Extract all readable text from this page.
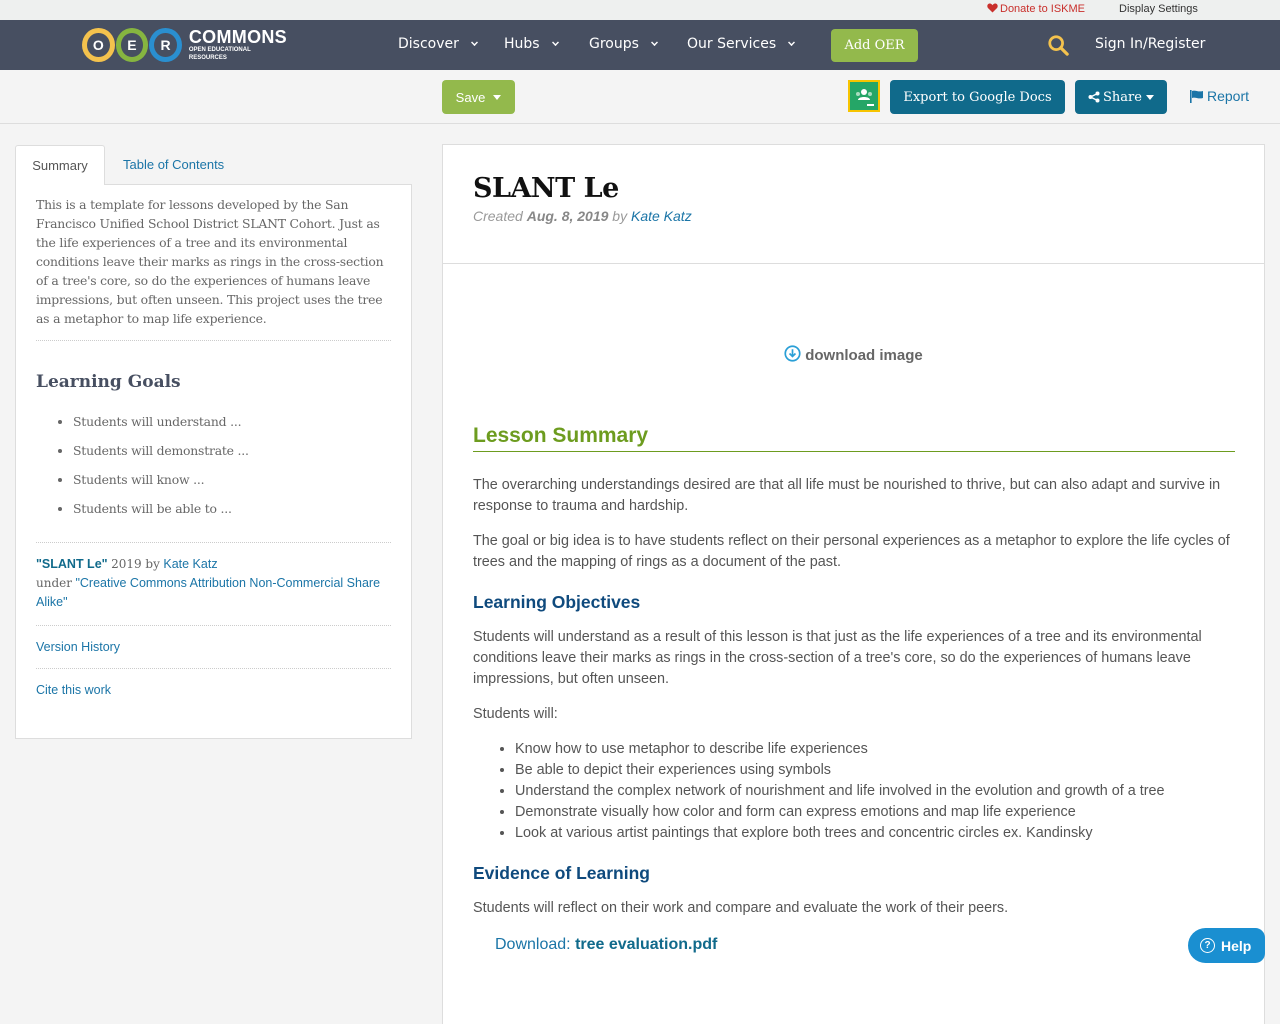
Donate to ISKME	Display Settings
O	E	R	COMMONS
OPEN EDUCATIONAL RESOURCES
Discover	Hubs	Groups	Our Services	Add OER	Sign In/Register
Save	Export to Google Docs	Share	Report
Summary	Table of Contents

This is a template for lessons developed by the San Francisco Unified School District SLANT Cohort. Just as the life experiences of a tree and its environmental conditions leave their marks as rings in the cross-section of a tree's core, so do the experiences of humans leave impressions, but often unseen. This project uses the tree as a metaphor to map life experience.

Learning Goals
• Students will understand ...
• Students will demonstrate ...
• Students will know ...
• Students will be able to ...
"SLANT Le" 2019 by Kate Katz
under "Creative Commons Attribution Non-Commercial Share Alike"
Version History
Cite this work
SLANT Le
Created Aug. 8, 2019 by Kate Katz
download image
Lesson Summary

The overarching understandings desired are that all life must be nourished to thrive, but can also adapt and survive in response to trauma and hardship.

The goal or big idea is to have students reflect on their personal experiences as a metaphor to explore the life cycles of trees and the mapping of rings as a document of the past.

Learning Objectives

Students will understand as a result of this lesson is that just as the life experiences of a tree and its environmental conditions leave their marks as rings in the cross-section of a tree's core, so do the experiences of humans leave impressions, but often unseen.

Students will:

• Know how to use metaphor to describe life experiences
• Be able to depict their experiences using symbols
• Understand the complex network of nourishment and life involved in the evolution and growth of a tree
• Demonstrate visually how color and form can express emotions and map life experience
• Look at various artist paintings that explore both trees and concentric circles ex. Kandinsky
Evidence of Learning

Students will reflect on their work and compare and evaluate the work of their peers.

Download: tree evaluation.pdf	? Help
